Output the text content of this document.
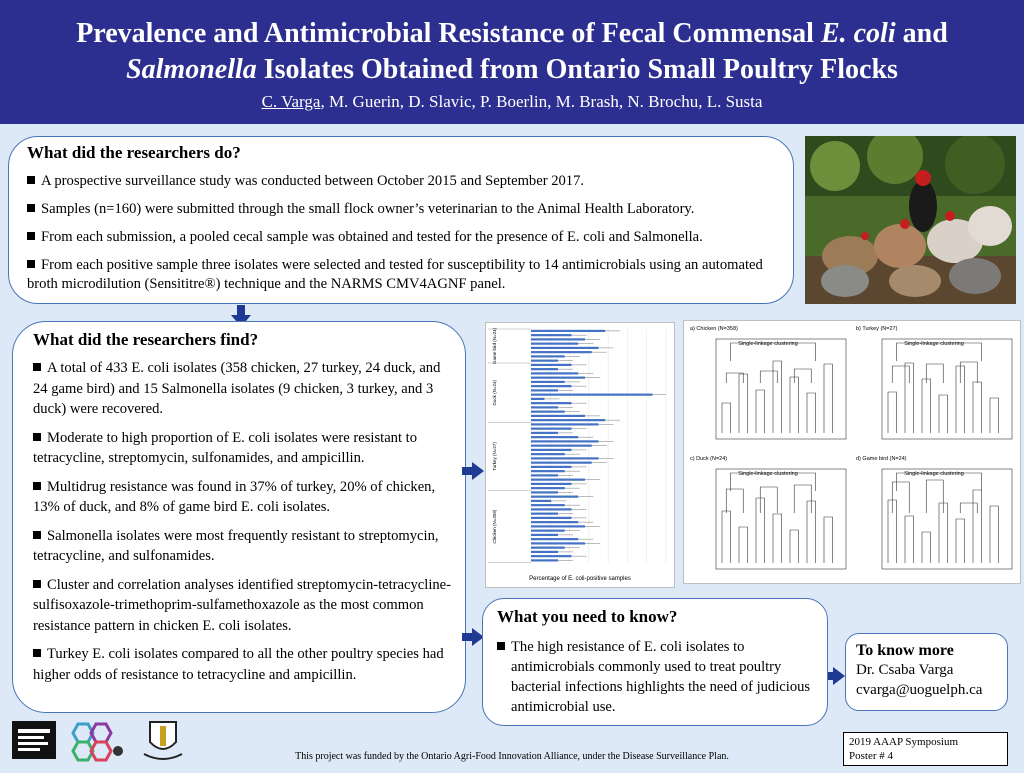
Prevalence and Antimicrobial Resistance of Fecal Commensal E. coli and
Salmonella Isolates Obtained from Ontario Small Poultry Flocks
C. Varga, M. Guerin, D. Slavic, P. Boerlin, M. Brash, N. Brochu, L. Susta
What did the researchers do?

A prospective surveillance study was conducted between October 2015 and September 2017.

Samples (n=160) were submitted through the small flock owner’s veterinarian to the Animal Health Laboratory.

From each submission, a pooled cecal sample was obtained and tested for the presence of E. coli and Salmonella.

From each positive sample three isolates were selected and tested for susceptibility to 14 antimicrobials using an automated broth microdilution (Sensititre®) technique and the NARMS CMV4AGNF panel.

What did the researchers find?

A total of 433 E. coli isolates (358 chicken, 27 turkey, 24 duck, and 24 game bird) and 15 Salmonella isolates (9 chicken, 3 turkey, and 3 duck) were recovered.

Moderate to high proportion of E. coli isolates were resistant to tetracycline, streptomycin, sulfonamides, and ampicillin.

Multidrug resistance was found in 37% of turkey, 20% of chicken, 13% of duck, and 8% of game bird E. coli isolates.

Salmonella isolates were most frequently resistant to streptomycin, tetracycline, and sulfonamides.

Cluster and correlation analyses identified streptomycin-tetracycline-sulfisoxazole-trimethoprim-sulfamethoxazole as the most common resistance pattern in chicken E. coli isolates.

Turkey E. coli isolates compared to all the other poultry species had higher odds of resistance to tetracycline and ampicillin.

Game bird (N=24)
Duck (N=24)
Turkey (N=27)
Chicken (N=358)
Percentage of E. coli-positive samples
a) Chicken (N=358)
Single-linkage clustering
b) Turkey (N=27)
Single-linkage clustering
c) Duck (N=24)
Single-linkage clustering
d) Game bird (N=24)
Single-linkage clustering
What you need to know?

The high resistance of E. coli isolates to antimicrobials commonly used to treat poultry bacterial infections highlights the need of judicious antimicrobial use.

To know more
Dr. Csaba Varga
cvarga@uoguelph.ca
This project was funded by the Ontario Agri-Food Innovation Alliance, under the Disease Surveillance Plan.
2019 AAAP Symposium
Poster # 4
